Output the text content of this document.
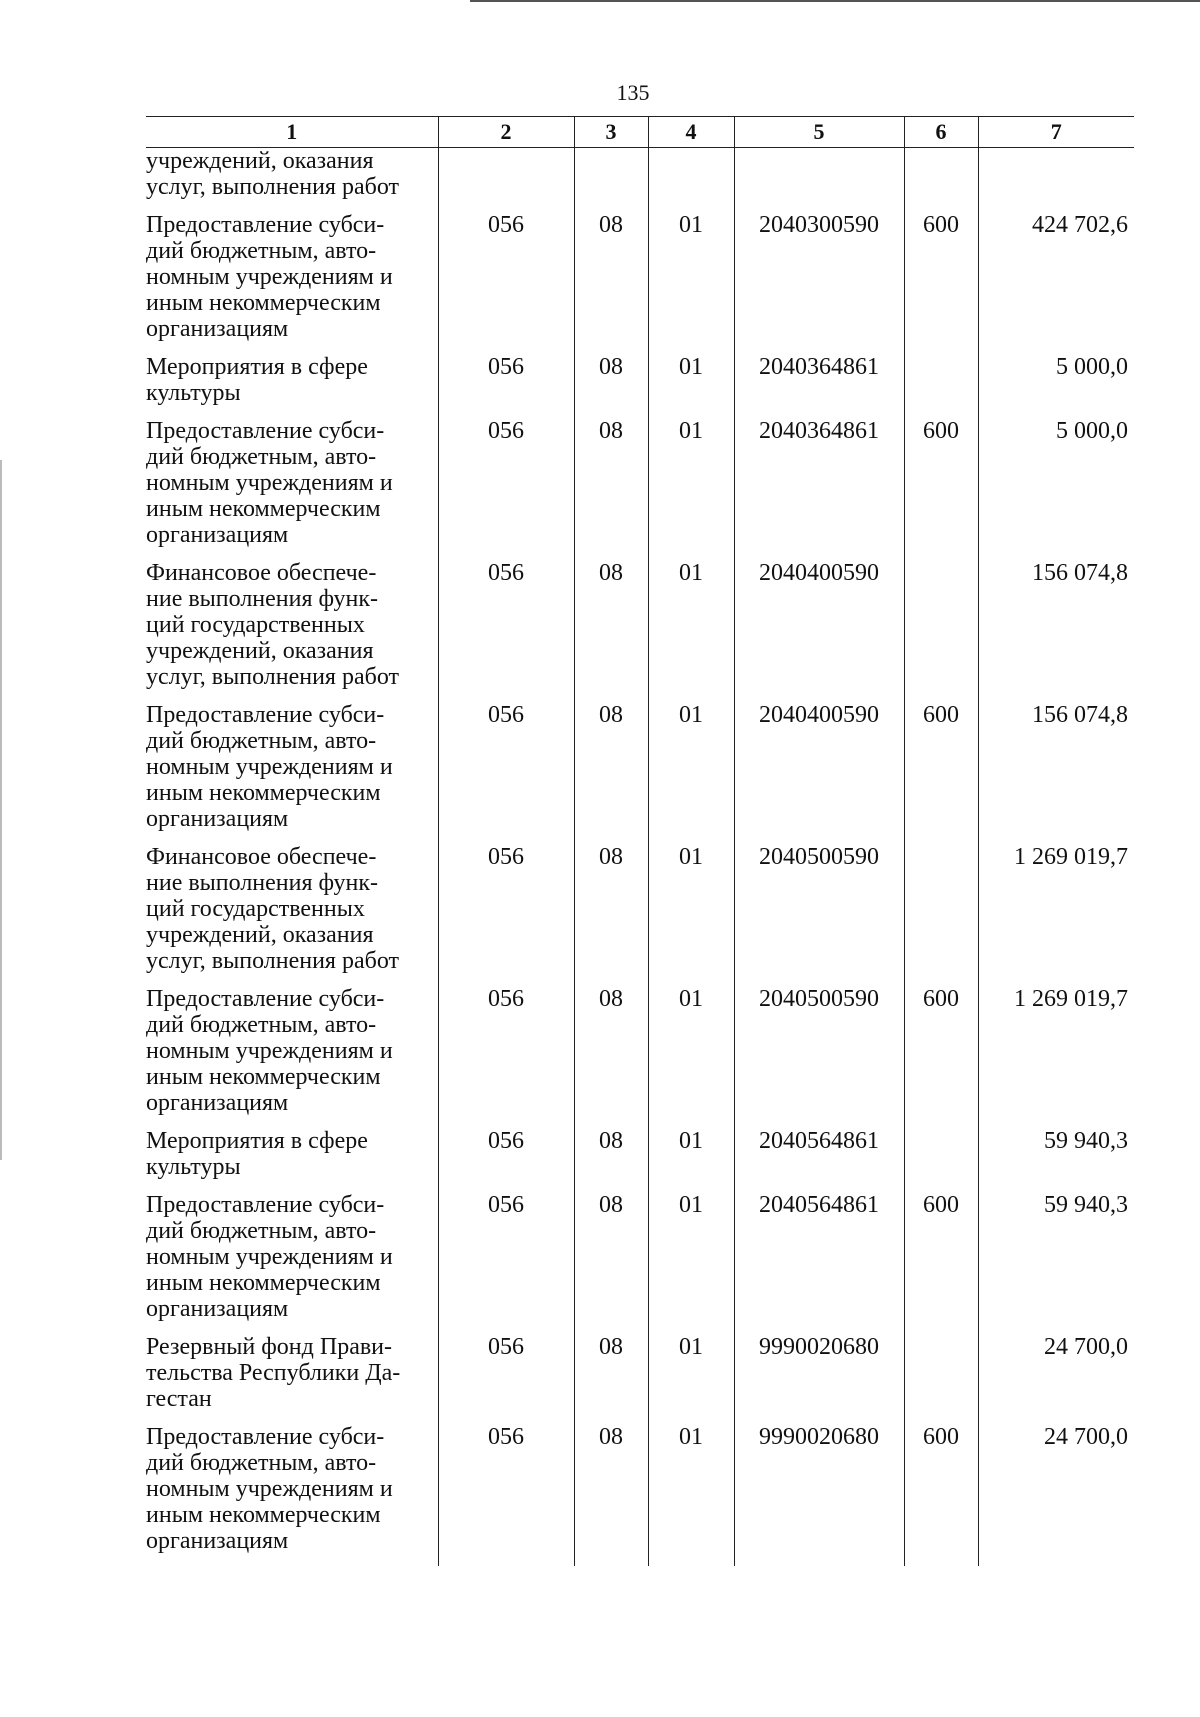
135
1	2	3	4	5	6	7

учреждений, оказания
услуг, выполнения работ						

Предоставление субси-
дий бюджетным, авто-
номным учреждениям и
иным некоммерческим
организациям	056	08	01	2040300590	600	424 702,6

Мероприятия в сфере
культуры	056	08	01	2040364861		5 000,0

Предоставление субси-
дий бюджетным, авто-
номным учреждениям и
иным некоммерческим
организациям	056	08	01	2040364861	600	5 000,0

Финансовое обеспече-
ние выполнения функ-
ций государственных
учреждений, оказания
услуг, выполнения работ	056	08	01	2040400590		156 074,8

Предоставление субси-
дий бюджетным, авто-
номным учреждениям и
иным некоммерческим
организациям	056	08	01	2040400590	600	156 074,8

Финансовое обеспече-
ние выполнения функ-
ций государственных
учреждений, оказания
услуг, выполнения работ	056	08	01	2040500590		1 269 019,7

Предоставление субси-
дий бюджетным, авто-
номным учреждениям и
иным некоммерческим
организациям	056	08	01	2040500590	600	1 269 019,7

Мероприятия в сфере
культуры	056	08	01	2040564861		59 940,3

Предоставление субси-
дий бюджетным, авто-
номным учреждениям и
иным некоммерческим
организациям	056	08	01	2040564861	600	59 940,3

Резервный фонд Прави-
тельства Республики Да-
гестан	056	08	01	9990020680		24 700,0

Предоставление субси-
дий бюджетным, авто-
номным учреждениям и
иным некоммерческим
организациям	056	08	01	9990020680	600	24 700,0
